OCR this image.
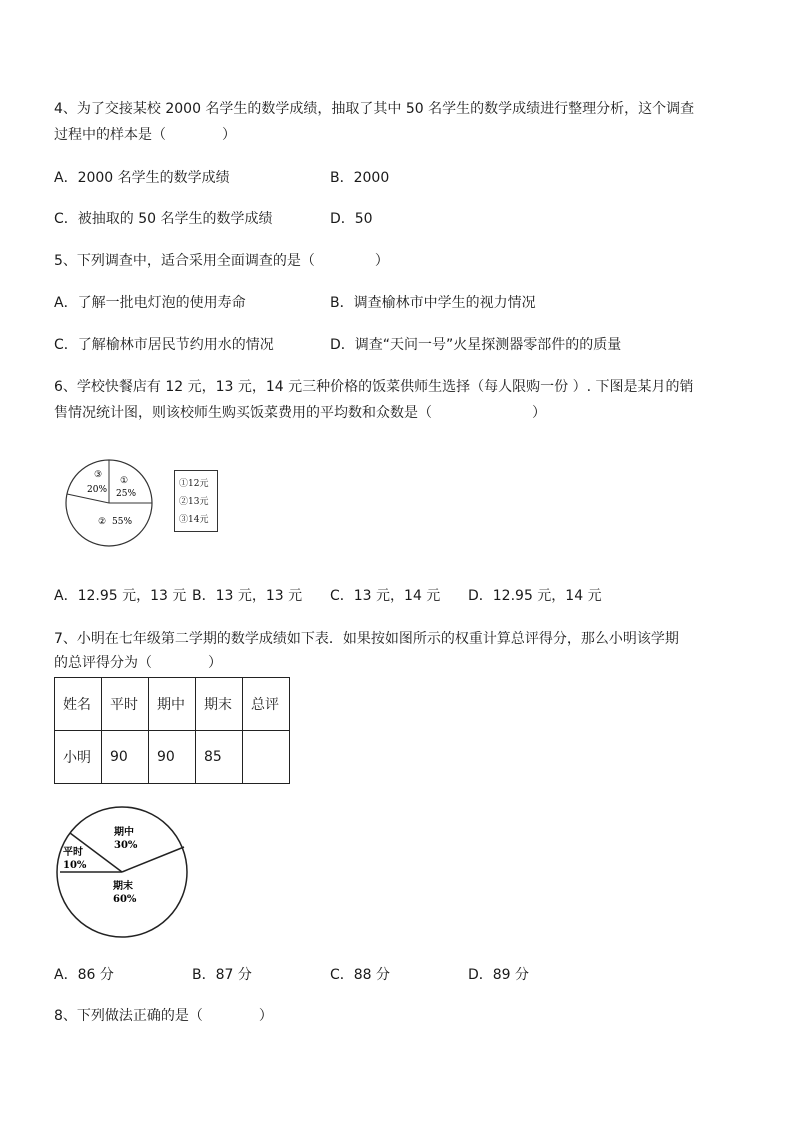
4、为了交接某校 2000 名学生的数学成绩，抽取了其中 50 名学生的数学成绩进行整理分析，这个调查
过程中的样本是（	）
A．2000 名学生的数学成绩	B．2000
C．被抽取的 50 名学生的数学成绩	D．50
5、下列调查中，适合采用全面调查的是（	）
A．了解一批电灯泡的使用寿命	B．调查榆林市中学生的视力情况
C．了解榆林市居民节约用水的情况	D．调查“天问一号”火星探测器零部件的的质量
6、学校快餐店有 12 元，13 元，14 元三种价格的饭菜供师生选择（每人限购一份 ）. 下图是某月的销
售情况统计图，则该校师生购买饭菜费用的平均数和众数是（	）
①
25%
② 55%
③
20%
①12元
②13元
③14元
A．12.95 元，13 元 B．13 元，13 元 C．13 元，14 元 D．12.95 元，14 元
7、小明在七年级第二学期的数学成绩如下表．如果按如图所示的权重计算总评得分，那么小明该学期
的总评得分为（	）
姓名	平时	期中	期末	总评
小明	90	90	85	
平时
10%
期中
30%
期末
60%
A．86 分	B．87 分	C．88 分	D．89 分
8、下列做法正确的是（	）
